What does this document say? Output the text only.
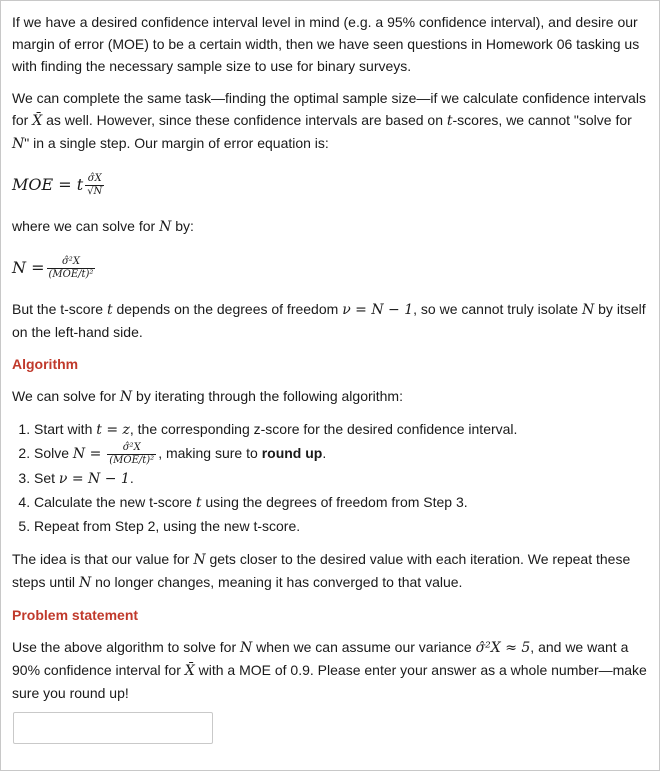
If we have a desired confidence interval level in mind (e.g. a 95% confidence interval), and desire our margin of error (MOE) to be a certain width, then we have seen questions in Homework 06 tasking us with finding the necessary sample size to use for binary surveys.

We can complete the same task—finding the optimal sample size—if we calculate confidence intervals for X̄ as well. However, since these confidence intervals are based on t-scores, we cannot "solve for N" in a single step. Our margin of error equation is:

MOE = t $\frac{\sigmâX}{√N}$

where we can solve for N by:

$N = \frac{\text{σ̂²X}}{\text{(MOE/t)²}}$

But the t-score t depends on the degrees of freedom ν = N − 1, so we cannot truly isolate N by itself on the left-hand side.

Algorithm

We can solve for N by iterating through the following algorithm:

1. Start with t = z, the corresponding z-score for the desired confidence interval.
2. Solve $N = \frac{\text{σ̂²X}}{\text{(MOE/t)²}}$ , making sure to round up.
3. Set ν = N − 1.
4. Calculate the new t-score t using the degrees of freedom from Step 3.
5. Repeat from Step 2, using the new t-score.

The idea is that our value for N gets closer to the desired value with each iteration. We repeat these steps until N no longer changes, meaning it has converged to that value.

Problem statement

Use the above algorithm to solve for N when we can assume our variance σ̂²X ≈ 5, and we want a 90% confidence interval for X̄ with a MOE of 0.9. Please enter your answer as a whole number—make sure you round up!
